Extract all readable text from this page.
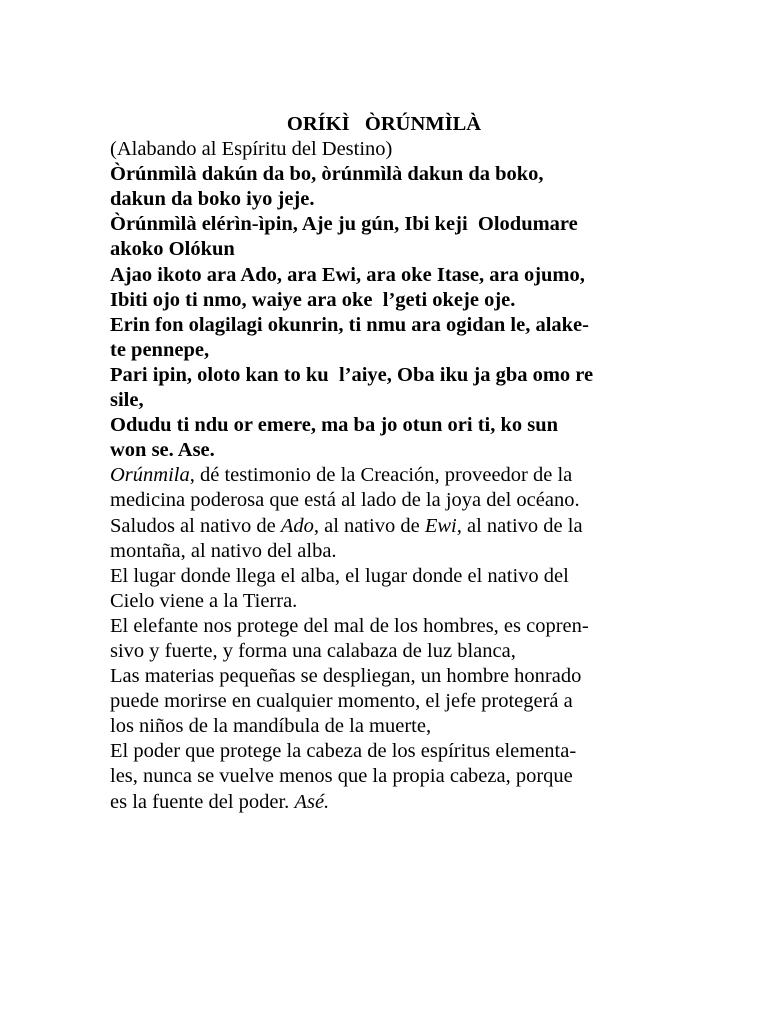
ORÍKÌ   ÒRÚNMÌLÀ
(Alabando al Espíritu del Destino)
Òrúnmìlà dakún da bo, òrúnmìlà dakun da boko,
dakun da boko iyo jeje.
Òrúnmìlà elérìn-ìpin, Aje ju gún, Ibi keji  Olodumare
akoko Olókun
Ajao ikoto ara Ado, ara Ewi, ara oke Itase, ara ojumo,
Ibiti ojo ti nmo, waiye ara oke  l’geti okeje oje.
Erin fon olagilagi okunrin, ti nmu ara ogidan le, alake-
te pennepe,
Pari ipin, oloto kan to ku  l’aiye, Oba iku ja gba omo re
sile,
Odudu ti ndu or emere, ma ba jo otun ori ti, ko sun
won se. Ase.
Orúnmila, dé testimonio de la Creación, proveedor de la
medicina poderosa que está al lado de la joya del océano.
Saludos al nativo de Ado, al nativo de Ewi, al nativo de la
montaña, al nativo del alba.
El lugar donde llega el alba, el lugar donde el nativo del
Cielo viene a la Tierra.
El elefante nos protege del mal de los hombres, es copren-
sivo y fuerte, y forma una calabaza de luz blanca,
Las materias pequeñas se despliegan, un hombre honrado
puede morirse en cualquier momento, el jefe protegerá a
los niños de la mandíbula de la muerte,
El poder que protege la cabeza de los espíritus elementa-
les, nunca se vuelve menos que la propia cabeza, porque
es la fuente del poder. Asé.
